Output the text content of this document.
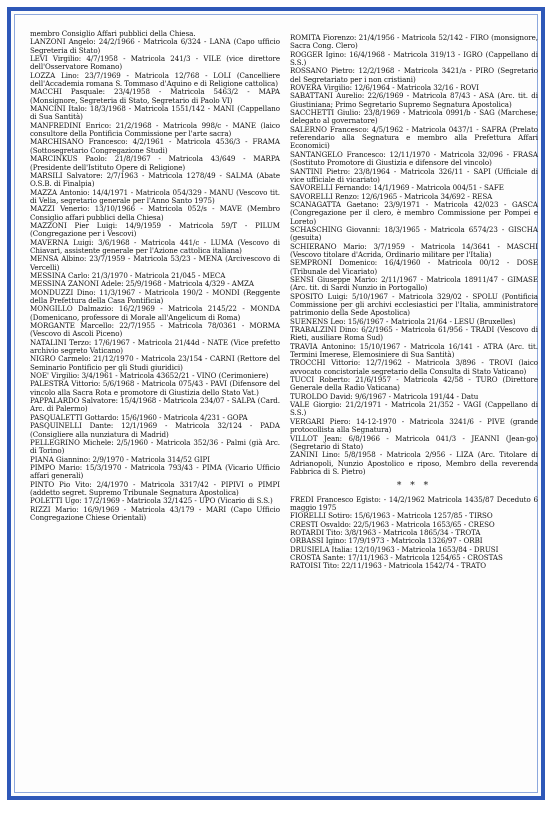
membro Consiglio Affari pubblici della Chiesa.

LANZONI Angelo: 24/2/1966 - Matricola 6/324 - LANA (Capo ufficio Segreteria di Stato)

LEVI Virgilio: 4/7/1958 - Matricola 241/3 - VILE (vice direttore dell'Osservatore Romano)

LOZZA Lino: 23/7/1969 - Matricola 12/768 - LOLI (Cancelliere dell'Accademia romana S. Tommaso d'Aquino e di Religione cattolica)

MACCHI Pasquale: 23/4/1958 - Matricola 5463/2 - MAPA (Monsignore, Segreteria di Stato, Segretario di Paolo VI)

MANCINI Italo: 18/3/1968 - Matricola 1551/142 - MANI (Cappellano di Sua Santità)

MANFREDINI Enrico: 21/2/1968 - Matricola 998/c - MANE (laico consultore della Pontificia Commissione per l'arte sacra)

MARCHISANO Francesco: 4/2/1961 - Matricola 4536/3 - FRAMA (Sottosegretario Congregazione Studi)

MARCINKUS Paolo: 21/8/1967 - Matricola 43/649 - MARPA (Presidente dell'Istituto Opere di Religione)

MARSILI Salvatore: 2/7/1963 - Matricola 1278/49 - SALMA (Abate O.S.B. di Finalpia)

MAZZA Antonio: 14/4/1971 - Matricola 054/329 - MANU (Vescovo tit. di Velia, segretario generale per l'Anno Santo 1975)

MAZZI Venerio: 13/10/1966 - Matricola 052/s - MAVE (Membro Consiglio affari pubblici della Chiesa)

MAZZONI Pier Luigi: 14/9/1959 - Matricola 59/T - PILUM (Congregazione per i Vescovi)

MAVERNA Luigi: 3/6/1968 - Matricola 441/c - LUMA (Vescovo di Chiavari, assistente generale per l'Azione cattolica italiana)

MENSA Albino: 23/7/1959 - Matricola 53/23 - MENA (Arcivescovo di Vercelli)

MESSINA Carlo: 21/3/1970 - Matricola 21/045 - MECA

MESSINA ZANONI Adele: 25/9/1968 - Matricola 4/329 - AMZA

MONDUZZI Dino: 11/3/1967 - Matricola 190/2 - MONDI (Reggente della Prefettura della Casa Pontificia)

MONGILLO Dalmazio: 16/2/1969 - Matricola 2145/22 - MONDA (Domenicano, professore di Morale all'Angelicum di Roma)

MORGANTE Marcello: 22/7/1955 - Matricola 78/0361 - MORMA (Vescovo di Ascoli Piceno)

NATALINI Terzo: 17/6/1967 - Matricola 21/44d - NATE (Vice prefetto archivio segreto Vaticano)

NIGRO Carmelo: 21/12/1970 - Matricola 23/154 - CARNI (Rettore del Seminario Pontificio per gli Studi giuridici)

NOE' Virgilio: 3/4/1961 - Matricola 43652/21 - VINO (Cerimoniere)

PALESTRA Vittorio: 5/6/1968 - Matricola 075/43 - PAVI (Difensore del vincolo alla Sacra Rota e promotore di Giustizia dello Stato Vat.)

PAPPALARDO Salvatore: 15/4/1968 - Matricola 234/07 - SALPA (Card. Arc. di Palermo)

PASQUALETTI Gottardo: 15/6/1960 - Matricola 4/231 - GOPA

PASQUINELLI Dante: 12/1/1969 - Matricola 32/124 - PADA (Consigliere alla nunziatura di Madrid)

PELLEGRINO Michele: 2/5/1960 - Matricola 352/36 - Palmi (già Arc. di Torino)

PIANA Giannino: 2/9/1970 - Matricola 314/52 GIPI

PIMPO Mario: 15/3/1970 - Matricola 793/43 - PIMA (Vicario Ufficio affari generali)

PINTO Pio Vito: 2/4/1970 - Matricola 3317/42 - PIPIVI o PIMPI (addetto segret. Supremo Tribunale Segnatura Apostolica)

POLETTI Ugo: 17/2/1969 - Matricola 32/1425 - UPO (Vicario di S.S.)

RIZZI Mario: 16/9/1969 - Matricola 43/179 - MARI (Capo Ufficio Congregazione Chiese Orientali)

ROMITA Fiorenzo: 21/4/1956 - Matricola 52/142 - FIRO (monsignore, Sacra Cong. Clero)

ROGGER Igino: 16/4/1968 - Matricola 319/13 - IGRO (Cappellano di S.S.)

ROSSANO Pietro: 12/2/1968 - Matricola 3421/a - PIRO (Segretario del Segretariato per i non cristiani)

ROVERA Virgilio: 12/6/1964 - Matricola 32/16 - ROVI

SABATTANI Aurelio: 22/6/1969 - Matricola 87/43 - ASA (Arc. tit. di Giustiniana; Primo Segretario Supremo Segnatura Apostolica)

SACCHETTI Giulio: 23/8/1969 - Matricola 0991/b - SAG (Marchese; delegato al governatore)

SALERNO Francesco: 4/5/1962 - Matricola 0437/1 - SAFRA (Prelato referendario alla Segnatura e membro alla Prefettura Affari Economici)

SANTANGELO Francesco: 12/11/1970 - Matricola 32/096 - FRASA (Sostituto Promotore di Giustizia e difensore del vincolo)

SANTINI Pietro: 23/8/1964 - Matricola 326/11 - SAPI (Ufficiale di vice ufficiale di vicariato)

SAVORELLI Fernando: 14/1/1969 - Matricola 004/51 - SAFE

SAVORELLI Renzo: 12/6/1965 - Matricola 34/692 - RESA

SCANAGATTA Gaetano: 23/9/1971 - Matricola 42/023 - GASCA (Congregazione per il clero, è membro Commissione per Pompei e Loreto)

SCHASCHING Giovanni: 18/3/1965 - Matricola 6574/23 - GISCHA (gesuita)

SCHIERANO Mario: 3/7/1959 - Matricola 14/3641 - MASCHI (Vescovo titolare d'Acrida, Ordinario militare per l'Italia)

SEMPRONI Domenico: 16/4/1960 - Matricola 00/12 - DOSE (Tribunale del Vicariato)

SENSI Giuseppe Mario: 2/11/1967 - Matricola 18911/47 - GIMASE (Arc. tit. di Sardi Nunzio in Portogallo)

SPOSITO Luigi: 5/10/1967 - Matricola 329/02 - SPOLU (Pontificia Commissione per gli archivi ecclesiastici per l'Italia, amministratore patrimonio della Sede Apostolica)

SUENENS Leo: 15/6/1967 - Matricola 21/64 - LESU (Bruxelles)

TRABALZINI Dino: 6/2/1965 - Matricola 61/956 - TRADI (Vescovo di Rieti, ausiliare Roma Sud)

TRAVIA Antonino: 15/10/1967 - Matricola 16/141 - ATRA (Arc. tit. Termini Imerese, Elemosiniere di Sua Santità)

TROCCHI Vittorio: 12/7/1962 - Matricola 3/896 - TROVI (laico avvocato concistoriale segretario della Consulta di Stato Vaticano)

TUCCI Roberto: 21/6/1957 - Matricola 42/58 - TURO (Direttore Generale della Radio Vaticana)

TUROLDO David: 9/6/1967 - Matricola 191/44 - Datu

VALE Giorgio: 21/2/1971 - Matricola 21/352 - VAGI (Cappellano di S.S.)

VERGARI Piero: 14-12-1970 - Matricola 3241/6 - PIVE (grande protocollista alla Segnatura)

VILLOT Jean: 6/8/1966 - Matricola 041/3 - JEANNI (Jean-go) (Segretario di Stato)

ZANINI Lino: 5/8/1958 - Matricola 2/956 - LIZA (Arc. Titolare di Adrianopoli, Nunzio Apostolico e riposo, Membro della reverenda Fabbrica di S. Pietro)

* * *

FREDI Francesco Egisto: - 14/2/1962 Matricola 1435/87 Deceduto 6 maggio 1975

FIORELLI Sotiro: 15/6/1963 - Matricola 1257/85 - TIRSO

CRESTI Osvaldo: 22/5/1963 - Matricola 1653/65 - CRESO

ROTARDI Tito: 3/8/1963 - Matricola 1865/34 - TROTA

ORBASSI Igino: 17/9/1973 - Matricola 1326/97 - ORBI

DRUSIELA Italia: 12/10/1963 - Matricola 1653/84 - DRUSI

CROSTA Sante: 17/11/1963 - Matricola 1254/65 - CROSTAS

RATOISI Tito: 22/11/1963 - Matricola 1542/74 - TRATO
